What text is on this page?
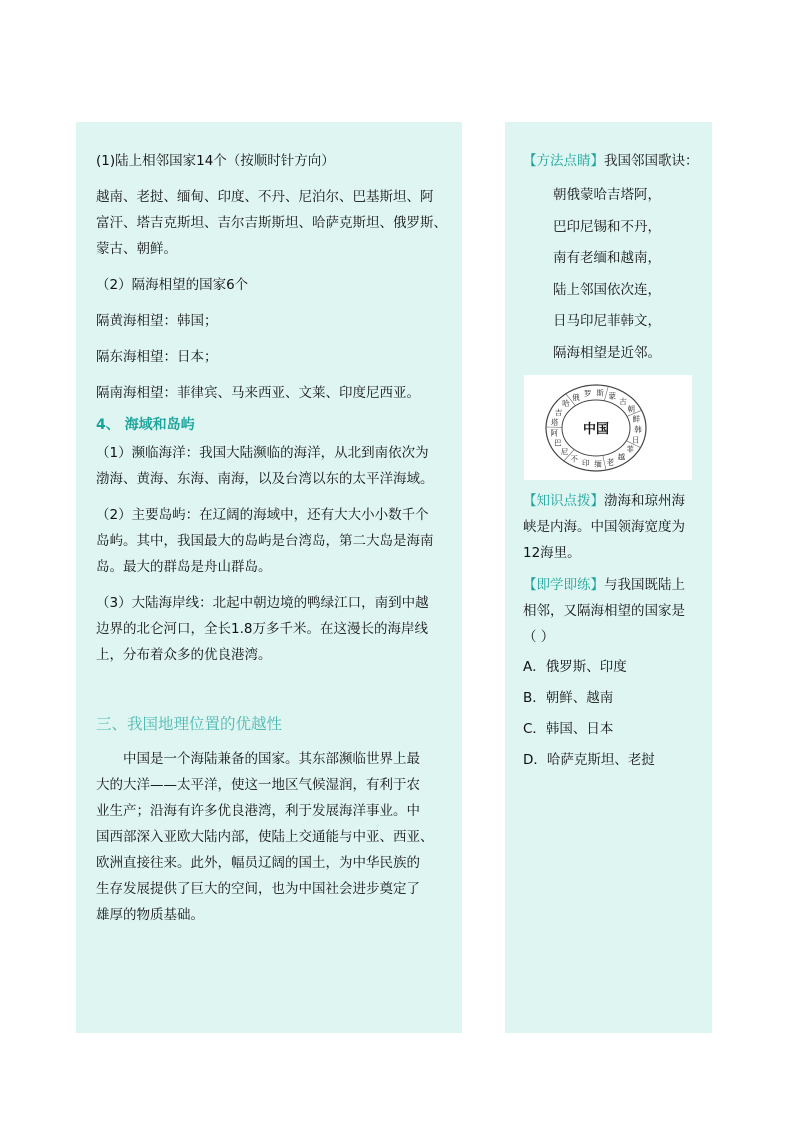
(1)陆上相邻国家14个（按顺时针方向）

越南、老挝、缅甸、印度、不丹、尼泊尔、巴基斯坦、阿

富汗、塔吉克斯坦、吉尔吉斯斯坦、哈萨克斯坦、俄罗斯、

蒙古、朝鲜。

（2）隔海相望的国家6个

隔黄海相望：韩国；

隔东海相望：日本；

隔南海相望：菲律宾、马来西亚、文莱、印度尼西亚。

4、 海域和岛屿

（1）濒临海洋：我国大陆濒临的海洋，从北到南依次为

渤海、黄海、东海、南海，以及台湾以东的太平洋海域。

（2）主要岛屿：在辽阔的海域中，还有大大小小数千个

岛屿。其中，我国最大的岛屿是台湾岛，第二大岛是海南

岛。最大的群岛是舟山群岛。

（3）大陆海岸线：北起中朝边境的鸭绿江口，南到中越

边界的北仑河口，全长1.8万多千米。在这漫长的海岸线

上，分布着众多的优良港湾。

三、我国地理位置的优越性

中国是一个海陆兼备的国家。其东部濒临世界上最

大的大洋——太平洋，使这一地区气候湿润，有利于农

业生产；沿海有许多优良港湾，利于发展海洋事业。中

国西部深入亚欧大陆内部，使陆上交通能与中亚、西亚、

欧洲直接往来。此外，幅员辽阔的国土，为中华民族的

生存发展提供了巨大的空间，也为中国社会进步奠定了

雄厚的物质基础。

【方法点睛】我国邻国歌诀：

朝俄蒙哈吉塔阿，

巴印尼锡和不丹，

南有老缅和越南，

陆上邻国依次连，

日马印尼菲韩文，

隔海相望是近邻。

中国
俄 罗 斯 蒙
古
朝
鲜
韩
日
菲
越
老
缅
印
不
尼
巴
阿
塔
吉
哈

【知识点拨】渤海和琼州海

峡是内海。中国领海宽度为

12海里。

【即学即练】与我国既陆上

相邻，又隔海相望的国家是

（ ）

A．俄罗斯、印度

B．朝鲜、越南

C．韩国、日本

D．哈萨克斯坦、老挝
